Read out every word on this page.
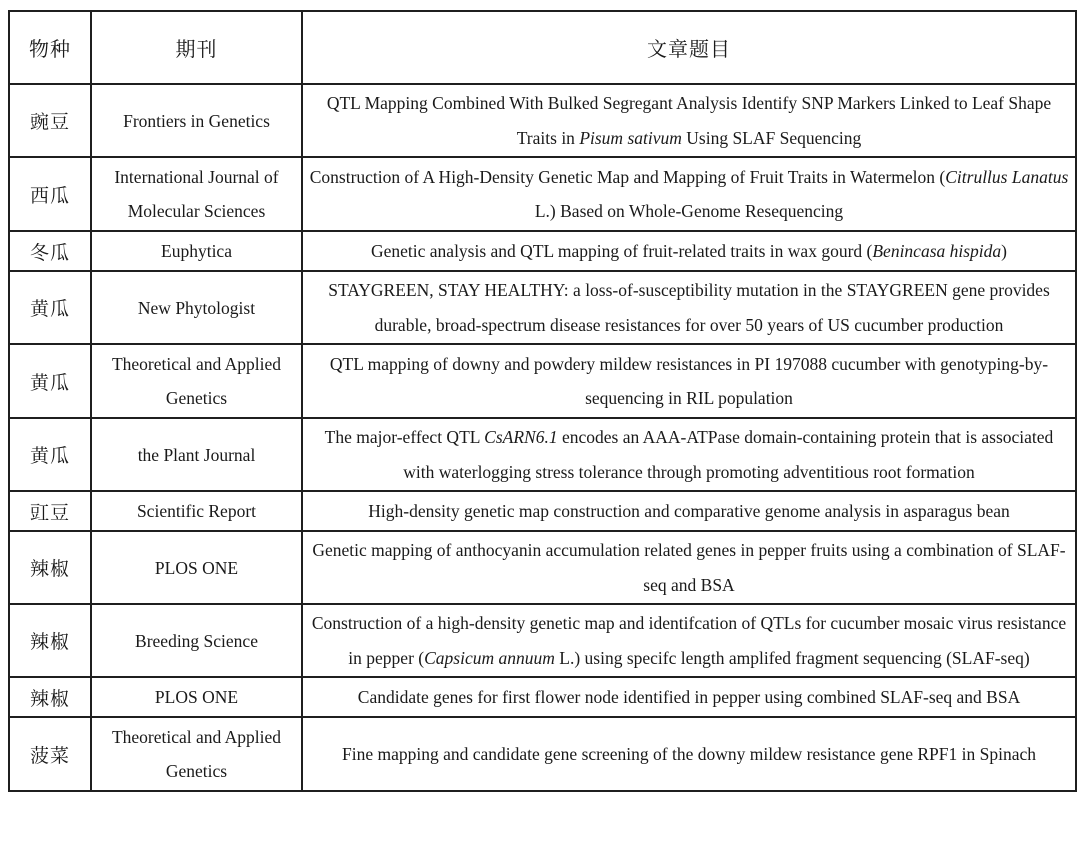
物种	期刊	文章题目
豌豆	Frontiers in Genetics	QTL Mapping Combined With Bulked Segregant Analysis Identify SNP Markers Linked to Leaf Shape Traits in Pisum sativum Using SLAF Sequencing
西瓜	International Journal of Molecular Sciences	Construction of A High-Density Genetic Map and Mapping of Fruit Traits in Watermelon (Citrullus Lanatus L.) Based on Whole-Genome Resequencing
冬瓜	Euphytica	Genetic analysis and QTL mapping of fruit-related traits in wax gourd (Benincasa hispida)
黄瓜	New Phytologist	STAYGREEN, STAY HEALTHY: a loss-of-susceptibility mutation in the STAYGREEN gene provides durable, broad-spectrum disease resistances for over 50 years of US cucumber production
黄瓜	Theoretical and Applied Genetics	QTL mapping of downy and powdery mildew resistances in PI 197088 cucumber with genotyping-by-sequencing in RIL population
黄瓜	the Plant Journal	The major-effect QTL CsARN6.1 encodes an AAA-ATPase domain-containing protein that is associated with waterlogging stress tolerance through promoting adventitious root formation
豇豆	Scientific Report	High-density genetic map construction and comparative genome analysis in asparagus bean
辣椒	PLOS ONE	Genetic mapping of anthocyanin accumulation related genes in pepper fruits using a combination of SLAF-seq and BSA
辣椒	Breeding Science	Construction of a high-density genetic map and identifcation of QTLs for cucumber mosaic virus resistance in pepper (Capsicum annuum L.) using specifc length amplifed fragment sequencing (SLAF-seq)
辣椒	PLOS ONE	Candidate genes for first flower node identified in pepper using combined SLAF-seq and BSA
菠菜	Theoretical and Applied Genetics	Fine mapping and candidate gene screening of the downy mildew resistance gene RPF1 in Spinach
